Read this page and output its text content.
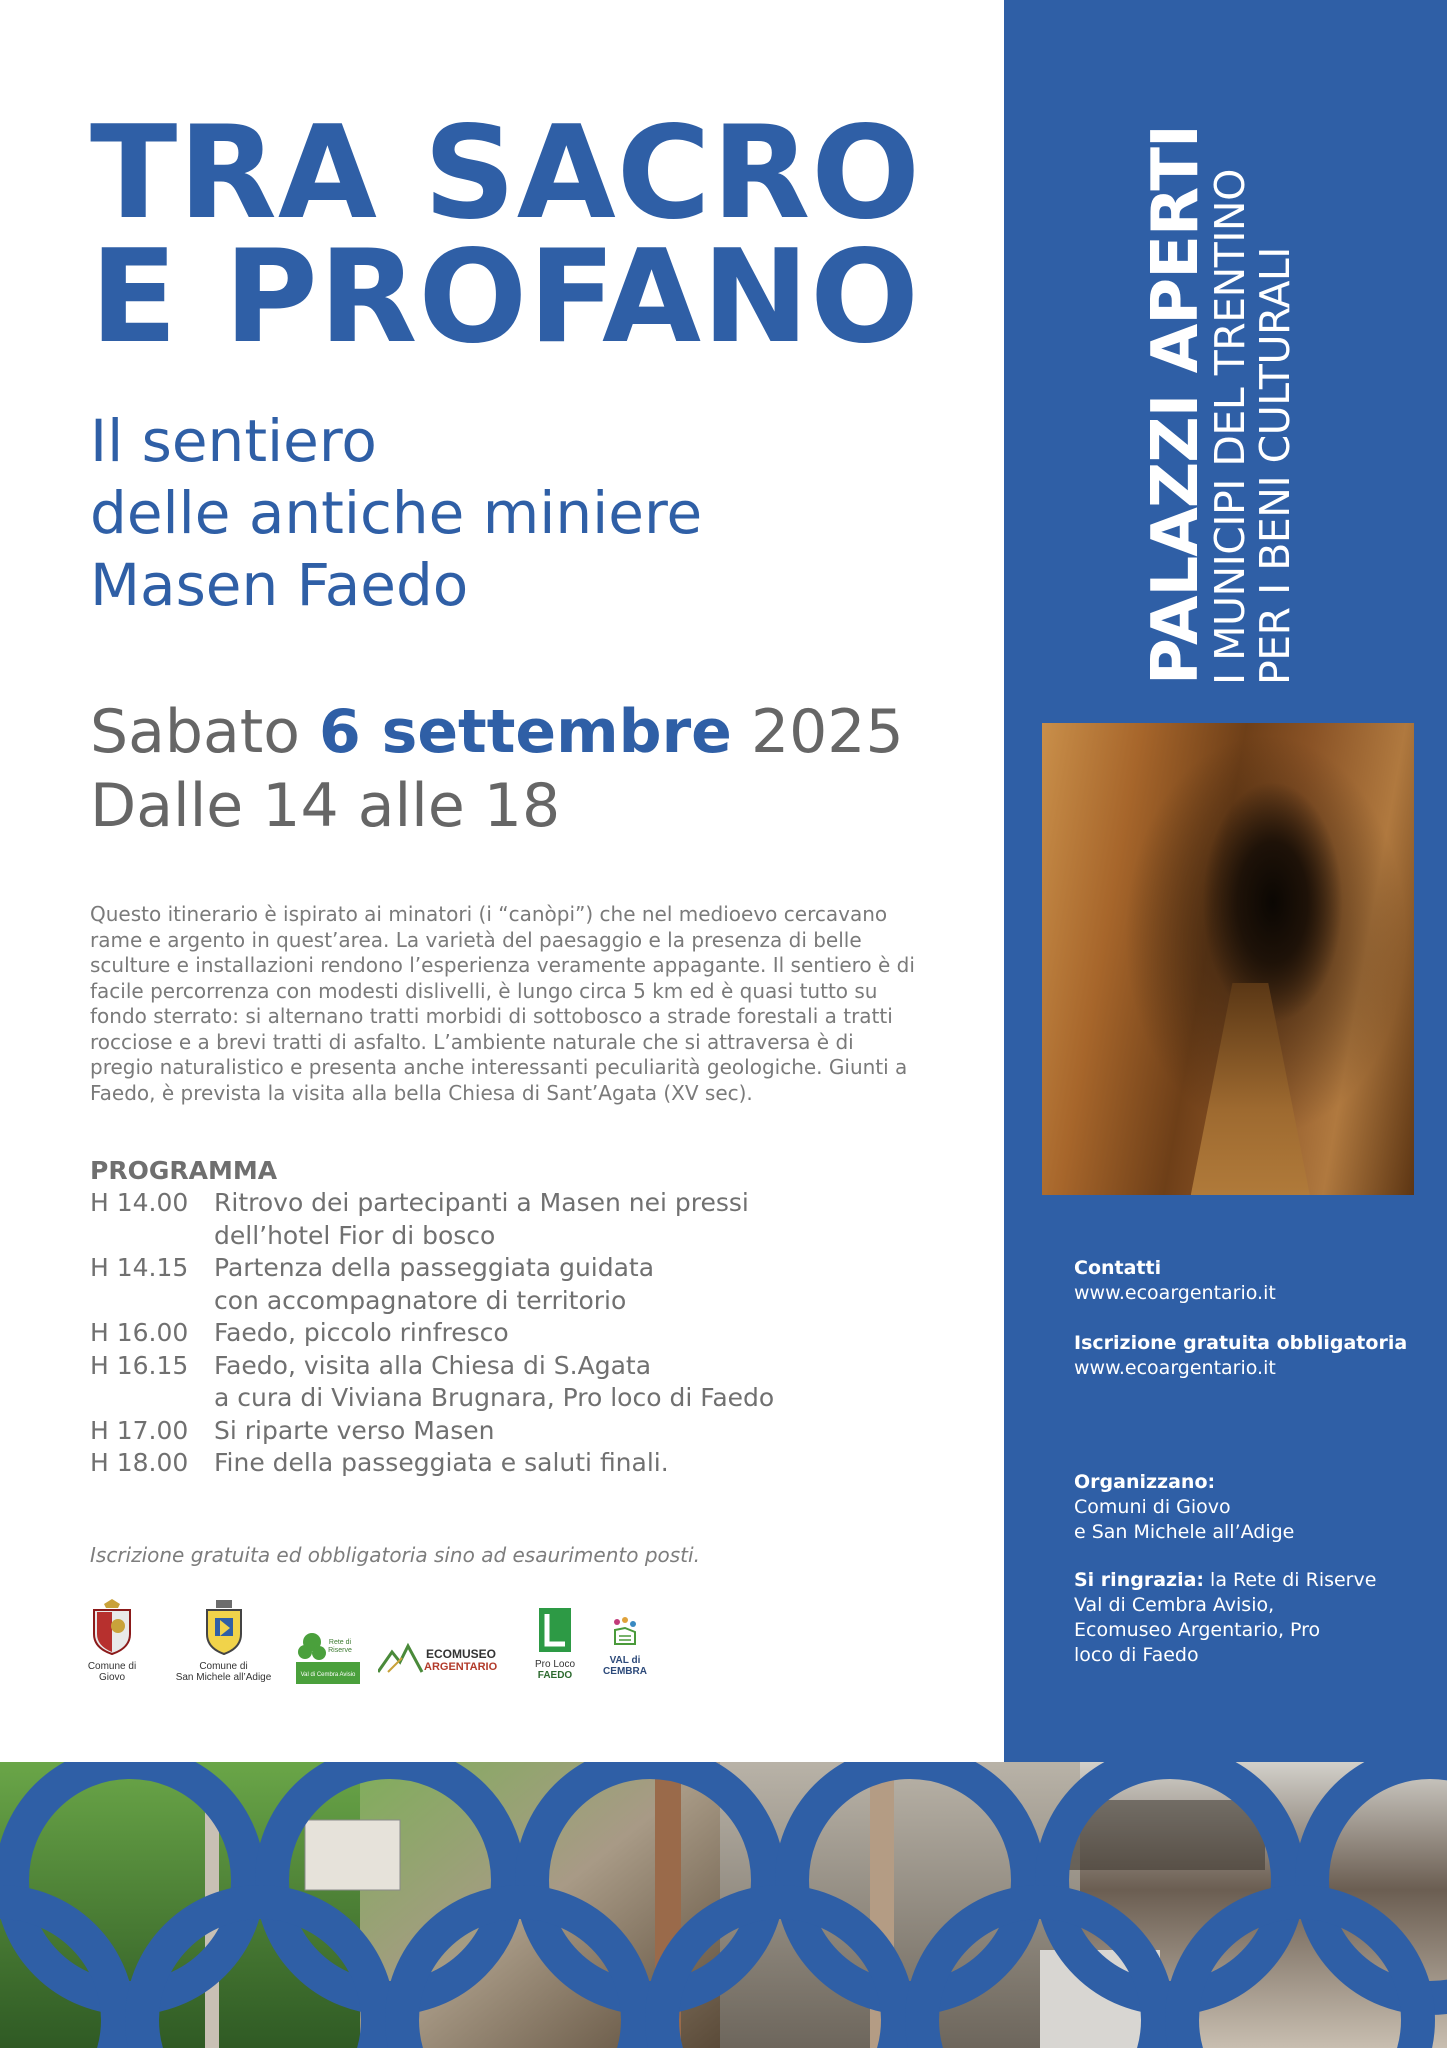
TRA SACRO
E PROFANO
Il sentiero
delle antiche miniere
Masen Faedo
Sabato 6 settembre 2025
Dalle 14 alle 18
Questo itinerario è ispirato ai minatori (i “canòpi”) che nel medioevo cercavano rame e argento in quest’area. La varietà del paesaggio e la presenza di belle sculture e installazioni rendono l’esperienza veramente appagante. Il sentiero è di facile percorrenza con modesti dislivelli, è lungo circa 5 km ed è quasi tutto su fondo sterrato: si alternano tratti morbidi di sottobosco a strade forestali a tratti rocciose e a brevi tratti di asfalto. L’ambiente naturale che si attraversa è di pregio naturalistico e presenta anche interessanti peculiarità geologiche. Giunti a Faedo, è prevista la visita alla bella Chiesa di Sant’Agata (XV sec).
PROGRAMMA
H 14.00	Ritrovo dei partecipanti a Masen nei pressi
dell’hotel Fior di bosco
H 14.15	Partenza della passeggiata guidata
con accompagnatore di territorio
H 16.00	Faedo, piccolo rinfresco
H 16.15	Faedo, visita alla Chiesa di S.Agata
a cura di Viviana Brugnara, Pro loco di Faedo
H 17.00	Si riparte verso Masen
H 18.00	Fine della passeggiata e saluti finali.
Iscrizione gratuita ed obbligatoria sino ad esaurimento posti.
Comune di
Giovo
Comune di
San Michele all’Adige
Rete di
Riserve
Val di Cembra Avisio
ECOMUSEO
ARGENTARIO	Pro Loco
FAEDO
VAL di
CEMBRA
PALAZZI APERTI
I MUNICIPI DEL TRENTINO
PER I BENI CULTURALI
Contatti
www.ecoargentario.it
Iscrizione gratuita obbligatoria
www.ecoargentario.it
Organizzano:
Comuni di Giovo
e San Michele all’Adige
Si ringrazia: la Rete di Riserve
Val di Cembra Avisio,
Ecomuseo Argentario, Pro
loco di Faedo
